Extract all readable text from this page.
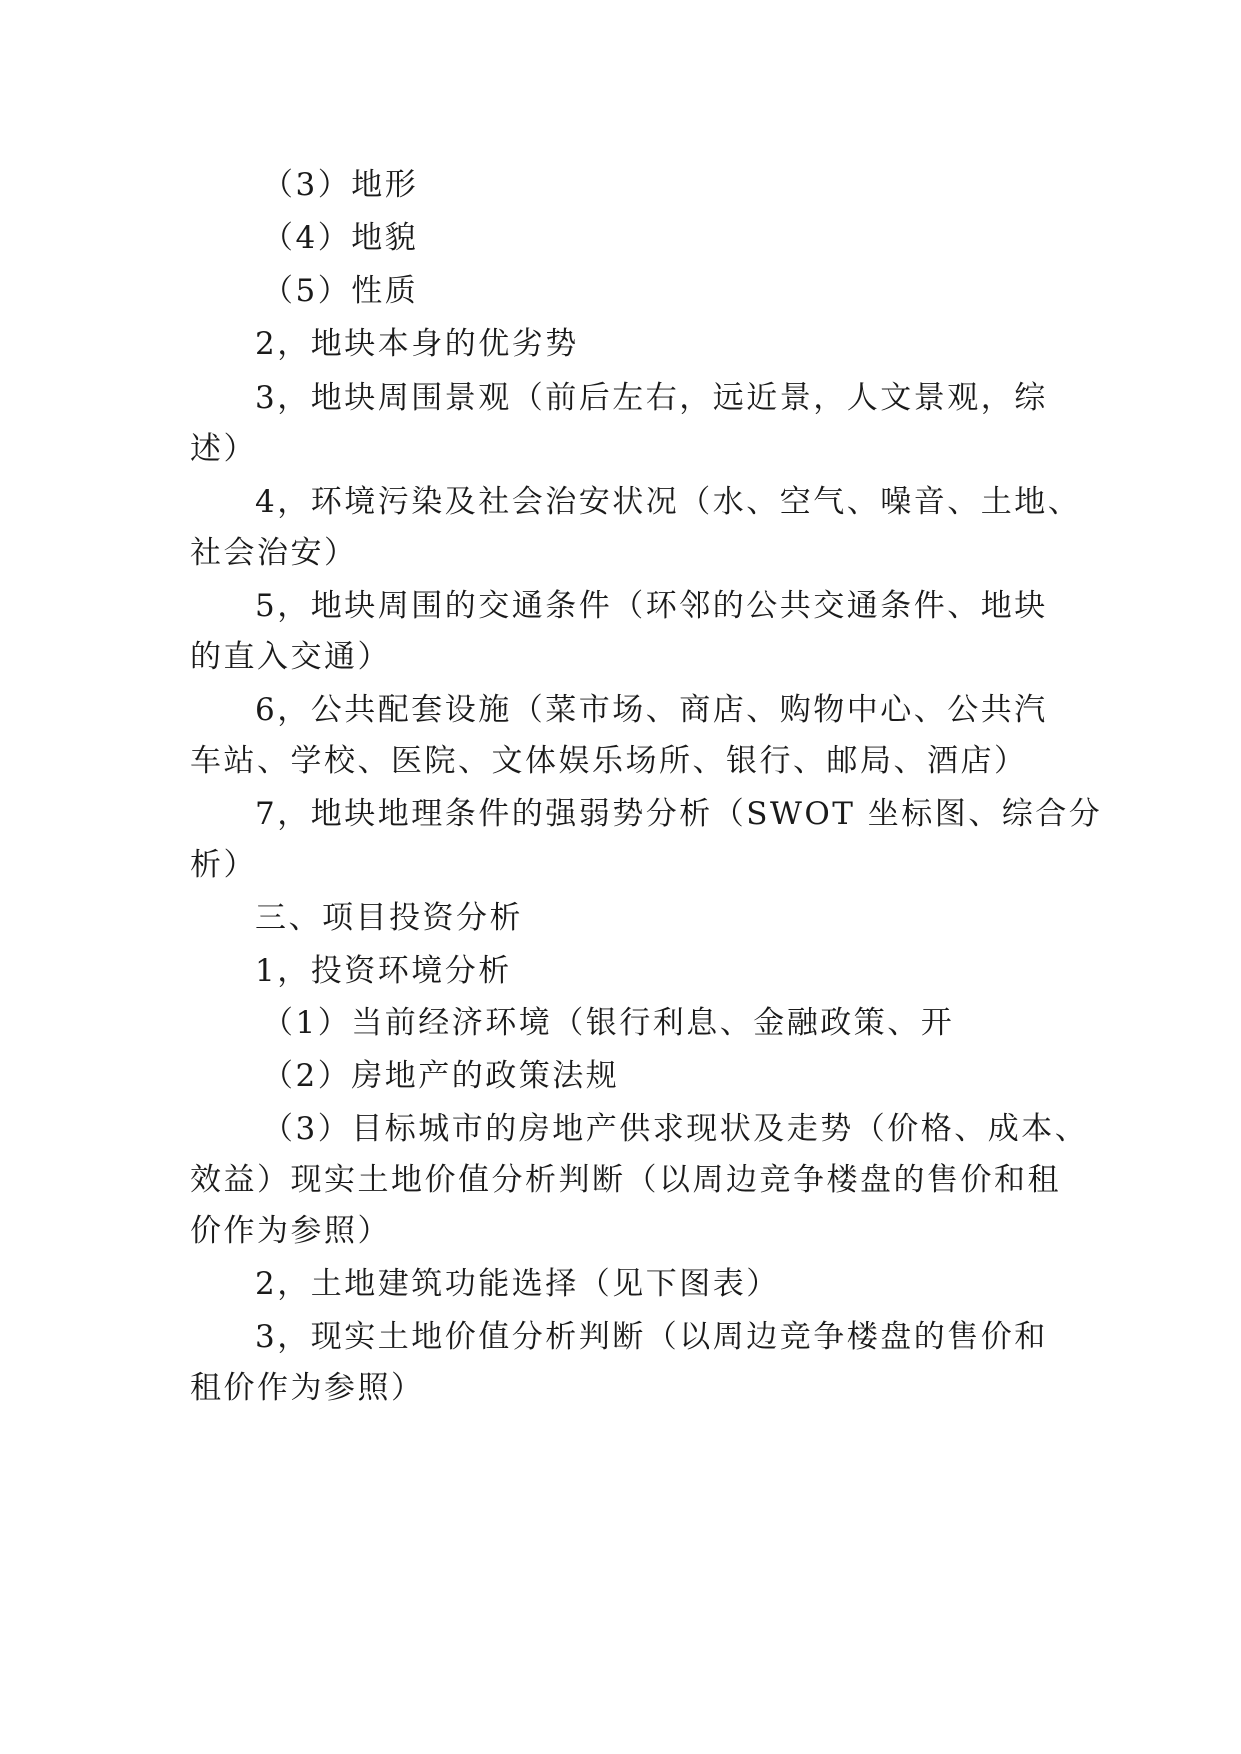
（3）地形
（4）地貌
（5）性质
2，地块本身的优劣势
3，地块周围景观（前后左右，远近景，人文景观，综
述）
4，环境污染及社会治安状况（水、空气、噪音、土地、
社会治安）
5，地块周围的交通条件（环邻的公共交通条件、地块
的直入交通）
6，公共配套设施（菜市场、商店、购物中心、公共汽
车站、学校、医院、文体娱乐场所、银行、邮局、酒店）
7，地块地理条件的强弱势分析（SWOT 坐标图、综合分
析）
三、项目投资分析
1，投资环境分析
（1）当前经济环境（银行利息、金融政策、开
（2）房地产的政策法规
（3）目标城市的房地产供求现状及走势（价格、成本、
效益）现实土地价值分析判断（以周边竞争楼盘的售价和租
价作为参照）
2，土地建筑功能选择（见下图表）
3，现实土地价值分析判断（以周边竞争楼盘的售价和
租价作为参照）
